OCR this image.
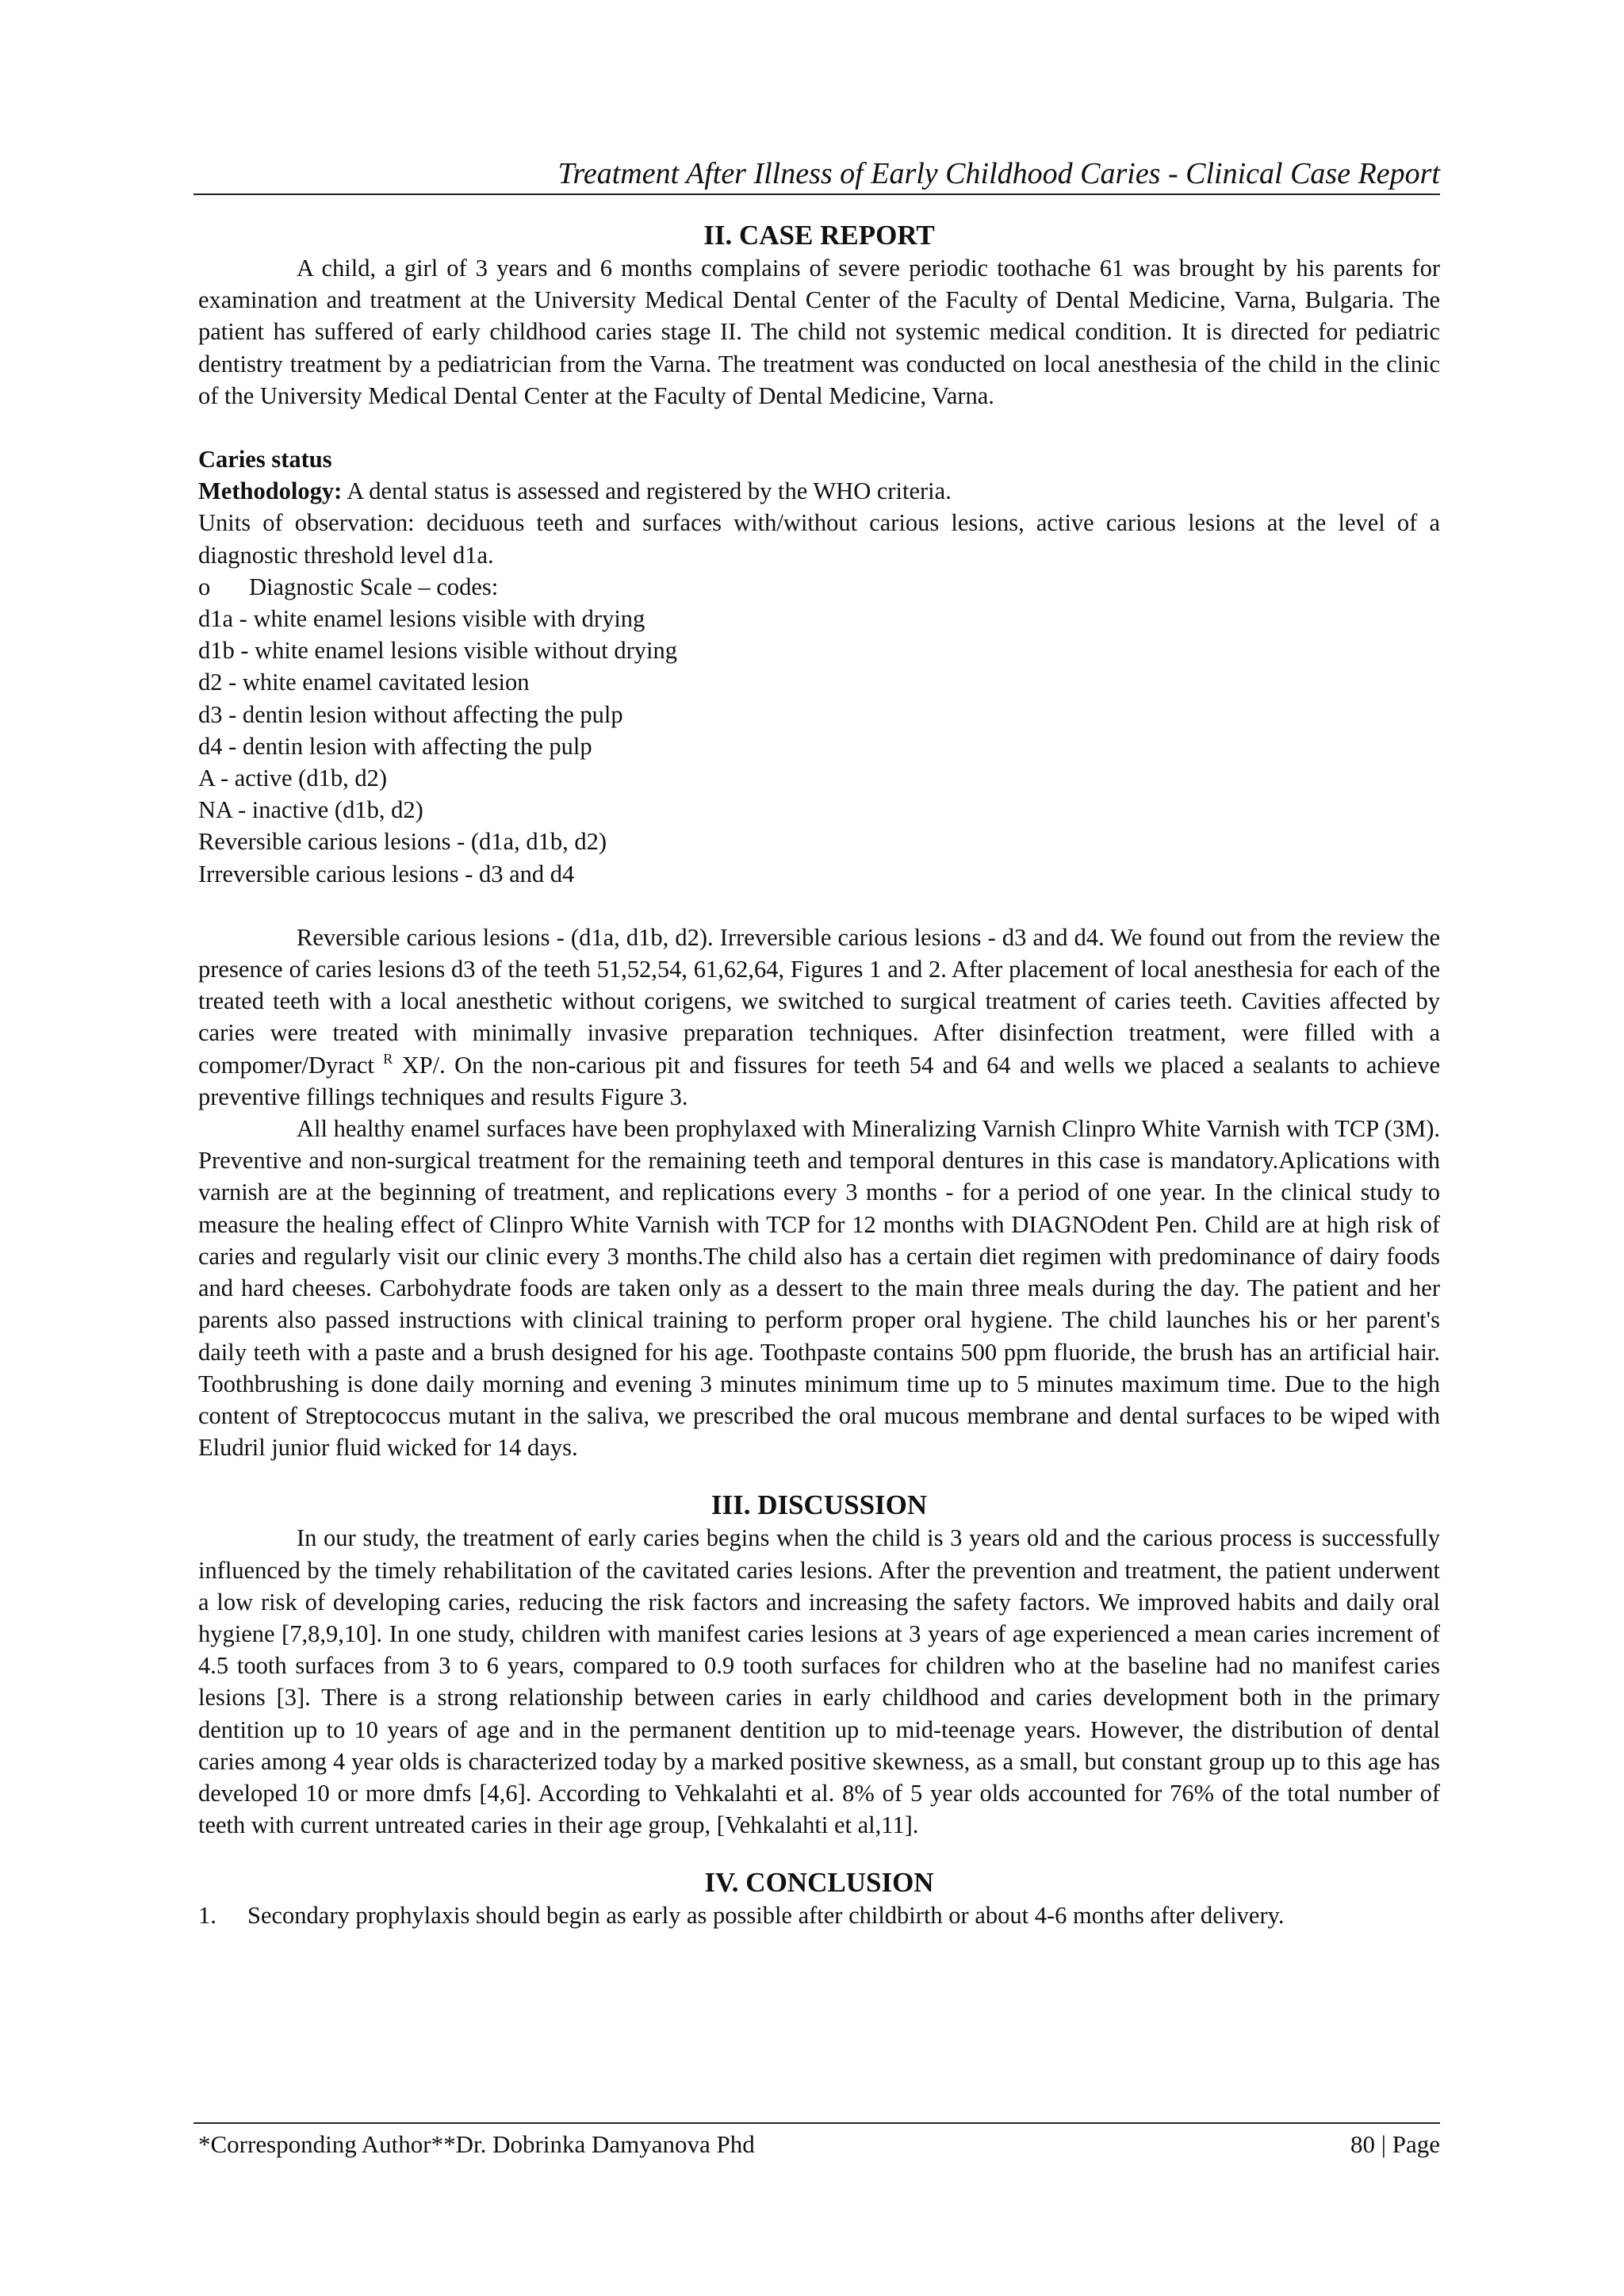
Treatment After Illness of Early Childhood Caries - Clinical Case Report

II. CASE REPORT

A child, a girl of 3 years and 6 months complains of severe periodic toothache 61 was brought by his parents for examination and treatment at the University Medical Dental Center of the Faculty of Dental Medicine, Varna, Bulgaria. The patient has suffered of early childhood caries stage II. The child not systemic medical condition. It is directed for pediatric dentistry treatment by a pediatrician from the Varna. The treatment was conducted on local anesthesia of the child in the clinic of the University Medical Dental Center at the Faculty of Dental Medicine, Varna.

Caries status

Methodology: A dental status is assessed and registered by the WHO criteria.

Units of observation: deciduous teeth and surfaces with/without carious lesions, active carious lesions at the level of a diagnostic threshold level d1a.

o Diagnostic Scale – codes:

d1a - white enamel lesions visible with drying

d1b - white enamel lesions visible without drying

d2 - white enamel cavitated lesion

d3 - dentin lesion without affecting the pulp

d4 - dentin lesion with affecting the pulp

A - active (d1b, d2)

NA - inactive (d1b, d2)

Reversible carious lesions - (d1a, d1b, d2)

Irreversible carious lesions - d3 and d4

Reversible carious lesions - (d1a, d1b, d2). Irreversible carious lesions - d3 and d4. We found out from the review the presence of caries lesions d3 of the teeth 51,52,54, 61,62,64, Figures 1 and 2. After placement of local anesthesia for each of the treated teeth with a local anesthetic without corigens, we switched to surgical treatment of caries teeth. Cavities affected by caries were treated with minimally invasive preparation techniques. After disinfection treatment, were filled with a compomer/Dyract $^R$ XP/. On the non-carious pit and fissures for teeth 54 and 64 and wells we placed a sealants to achieve preventive fillings techniques and results Figure 3.

All healthy enamel surfaces have been prophylaxed with Mineralizing Varnish Clinpro White Varnish with TCP (3M). Preventive and non-surgical treatment for the remaining teeth and temporal dentures in this case is mandatory.Aplications with varnish are at the beginning of treatment, and replications every 3 months - for a period of one year. In the clinical study to measure the healing effect of Clinpro White Varnish with TCP for 12 months with DIAGNOdent Pen. Child are at high risk of caries and regularly visit our clinic every 3 months.The child also has a certain diet regimen with predominance of dairy foods and hard cheeses. Carbohydrate foods are taken only as a dessert to the main three meals during the day. The patient and her parents also passed instructions with clinical training to perform proper oral hygiene. The child launches his or her parent's daily teeth with a paste and a brush designed for his age. Toothpaste contains 500 ppm fluoride, the brush has an artificial hair. Toothbrushing is done daily morning and evening 3 minutes minimum time up to 5 minutes maximum time. Due to the high content of Streptococcus mutant in the saliva, we prescribed the oral mucous membrane and dental surfaces to be wiped with Eludril junior fluid wicked for 14 days.

III. DISCUSSION

In our study, the treatment of early caries begins when the child is 3 years old and the carious process is successfully influenced by the timely rehabilitation of the cavitated caries lesions. After the prevention and treatment, the patient underwent a low risk of developing caries, reducing the risk factors and increasing the safety factors. We improved habits and daily oral hygiene [7,8,9,10]. In one study, children with manifest caries lesions at 3 years of age experienced a mean caries increment of 4.5 tooth surfaces from 3 to 6 years, compared to 0.9 tooth surfaces for children who at the baseline had no manifest caries lesions [3]. There is a strong relationship between caries in early childhood and caries development both in the primary dentition up to 10 years of age and in the permanent dentition up to mid-teenage years. However, the distribution of dental caries among 4 year olds is characterized today by a marked positive skewness, as a small, but constant group up to this age has developed 10 or more dmfs [4,6]. According to Vehkalahti et al. 8% of 5 year olds accounted for 76% of the total number of teeth with current untreated caries in their age group, [Vehkalahti et al,11].

IV. CONCLUSION

1. Secondary prophylaxis should begin as early as possible after childbirth or about 4-6 months after delivery.

*Corresponding Author**Dr. Dobrinka Damyanova Phd	80 | Page
